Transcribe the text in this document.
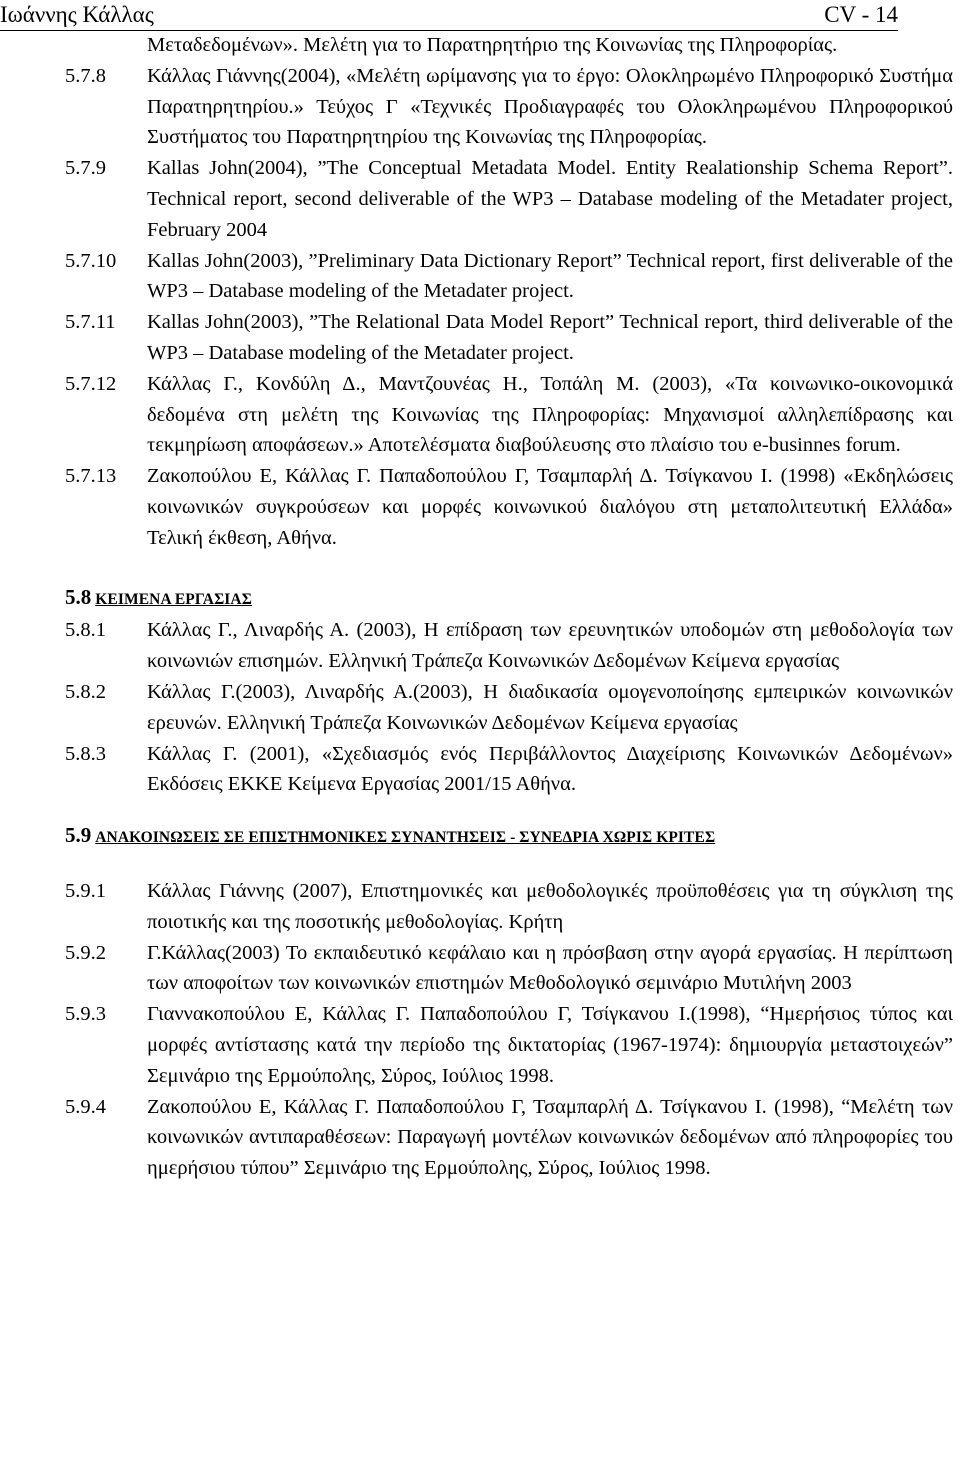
Ιωάννης Κάλλας	CV - 14
Μεταδεδομένων». Μελέτη για το Παρατηρητήριο της Κοινωνίας της Πληροφορίας.
5.7.8 Κάλλας Γιάννης(2004), «Μελέτη ωρίμανσης για το έργο: Ολοκληρωμένο Πληροφορικό Συστήμα Παρατηρητηρίου.» Τεύχος Γ «Τεχνικές Προδιαγραφές του Ολοκληρωμένου Πληροφορικού Συστήματος του Παρατηρητηρίου της Κοινωνίας της Πληροφορίας.
5.7.9 Kallas John(2004), ”The Conceptual Metadata Model. Entity Realationship Schema Report”. Technical report, second deliverable of the WP3 – Database modeling of the Metadater project, February 2004
5.7.10 Kallas John(2003), ”Preliminary Data Dictionary Report” Technical report, first deliverable of the WP3 – Database modeling of the Metadater project.
5.7.11 Kallas John(2003), ”The Relational Data Model Report” Technical report, third deliverable of the WP3 – Database modeling of the Metadater project.
5.7.12 Κάλλας Γ., Κονδύλη Δ., Μαντζουνέας Η., Τοπάλη Μ. (2003), «Τα κοινωνικο-οικονομικά δεδομένα στη μελέτη της Κοινωνίας της Πληροφορίας: Μηχανισμοί αλληλεπίδρασης και τεκμηρίωση αποφάσεων.» Αποτελέσματα διαβούλευσης στο πλαίσιο του e-businnes forum.
5.7.13 Ζακοπούλου Ε, Κάλλας Γ. Παπαδοπούλου Γ, Τσαμπαρλή Δ. Τσίγκανου Ι. (1998) «Εκδηλώσεις κοινωνικών συγκρούσεων και μορφές κοινωνικού διαλόγου στη μεταπολιτευτική Ελλάδα» Τελική έκθεση, Αθήνα.
5.8 ΚΕΙΜΕΝΑ ΕΡΓΑΣΙΑΣ
5.8.1 Κάλλας Γ., Λιναρδής Α. (2003), Η επίδραση των ερευνητικών υποδομών στη μεθοδολογία των κοινωνιών επισημών. Ελληνική Τράπεζα Κοινωνικών Δεδομένων Κείμενα εργασίας
5.8.2 Κάλλας Γ.(2003), Λιναρδής Α.(2003), Η διαδικασία ομογενοποίησης εμπειρικών κοινωνικών ερευνών. Ελληνική Τράπεζα Κοινωνικών Δεδομένων Κείμενα εργασίας
5.8.3 Κάλλας Γ. (2001), «Σχεδιασμός ενός Περιβάλλοντος Διαχείρισης Κοινωνικών Δεδομένων» Εκδόσεις ΕΚΚΕ Κείμενα Εργασίας 2001/15 Αθήνα.
5.9 ΑΝΑΚΟΙΝΩΣΕΙΣ ΣΕ ΕΠΙΣΤΗΜΟΝΙΚΕΣ ΣΥΝΑΝΤΗΣΕΙΣ - ΣΥΝΕΔΡΙΑ ΧΩΡΙΣ ΚΡΙΤΕΣ
5.9.1 Κάλλας Γιάννης (2007), Επιστημονικές και μεθοδολογικές προϋποθέσεις για τη σύγκλιση της ποιοτικής και της ποσοτικής μεθοδολογίας. Κρήτη
5.9.2 Γ.Κάλλας(2003) Το εκπαιδευτικό κεφάλαιο και η πρόσβαση στην αγορά εργασίας. Η περίπτωση των αποφοίτων των κοινωνικών επιστημών Μεθοδολογικό σεμινάριο Μυτιλήνη 2003
5.9.3 Γιαννακοπούλου Ε, Κάλλας Γ. Παπαδοπούλου Γ, Τσίγκανου Ι.(1998), “Ημερήσιος τύπος και μορφές αντίστασης κατά την περίοδο της δικτατορίας (1967-1974): δημιουργία μεταστοιχεών” Σεμινάριο της Ερμούπολης, Σύρος, Ιούλιος 1998.
5.9.4 Ζακοπούλου Ε, Κάλλας Γ. Παπαδοπούλου Γ, Τσαμπαρλή Δ. Τσίγκανου Ι. (1998), “Μελέτη των κοινωνικών αντιπαραθέσεων: Παραγωγή μοντέλων κοινωνικών δεδομένων από πληροφορίες του ημερήσιου τύπου” Σεμινάριο της Ερμούπολης, Σύρος, Ιούλιος 1998.
